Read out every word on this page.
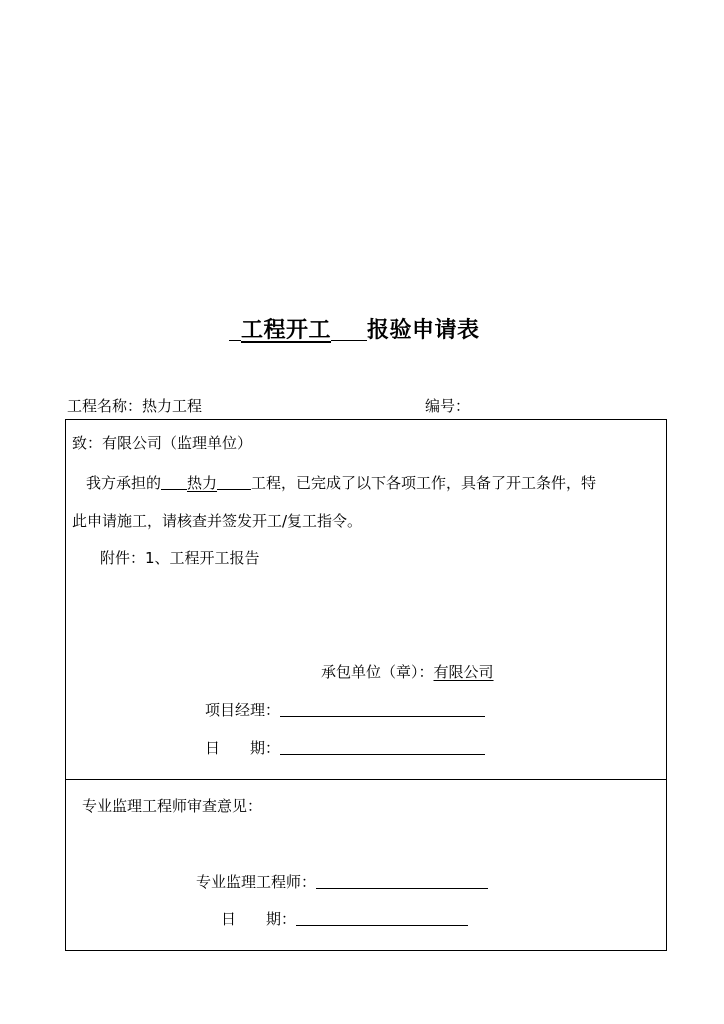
工程开工 报验申请表
工程名称：热力工程	编号：
致：有限公司（监理单位）
我方承担的 热力 工程，已完成了以下各项工作，具备了开工条件，特
此申请施工，请核查并签发开工/复工指令。
附件：1、工程开工报告
承包单位（章）：有限公司
项目经理：
日　　期：
专业监理工程师审查意见：
专业监理工程师：
日　　期：
